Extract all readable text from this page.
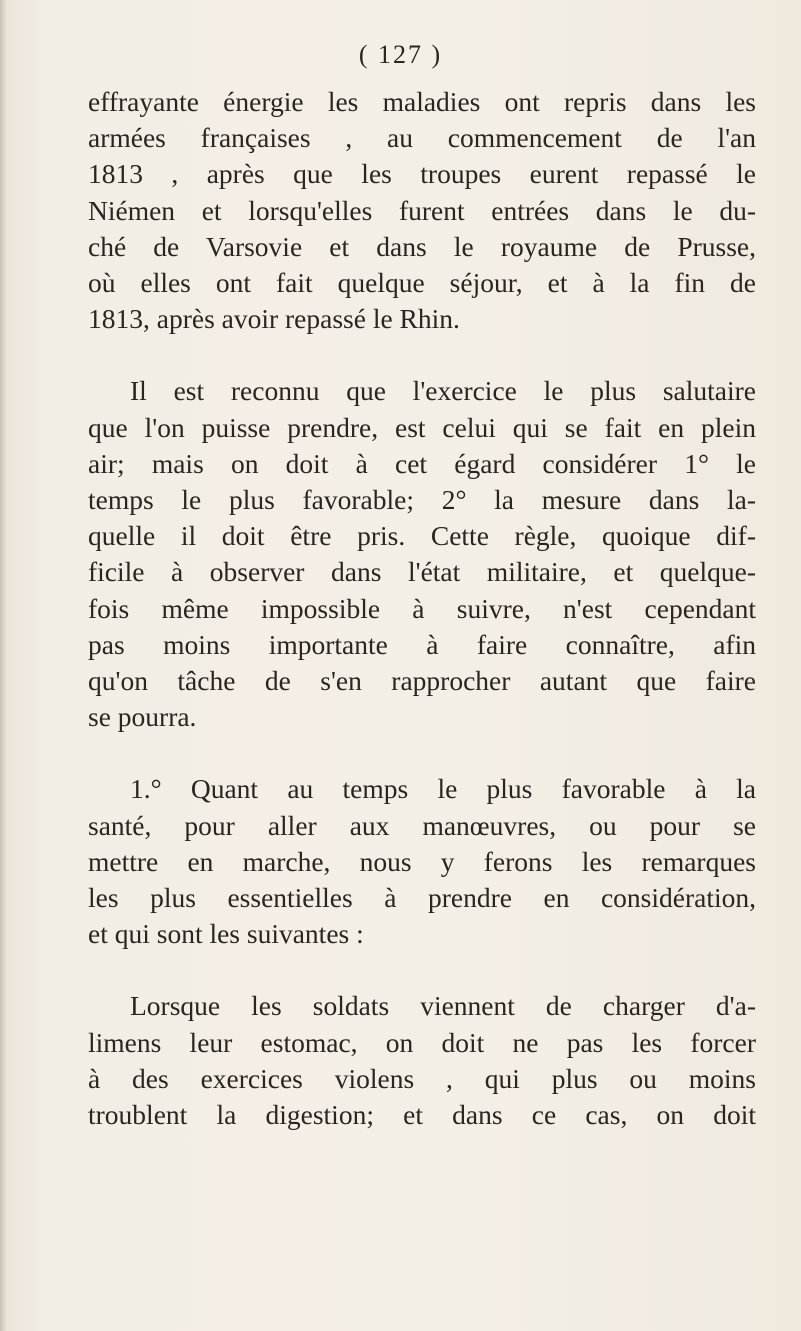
( 127 )
effrayante énergie les maladies ont repris dans les
armées françaises , au commencement de l'an
1813 , après que les troupes eurent repassé le
Niémen et lorsqu'elles furent entrées dans le du-
ché de Varsovie et dans le royaume de Prusse,
où elles ont fait quelque séjour, et à la fin de
1813, après avoir repassé le Rhin.
Il est reconnu que l'exercice le plus salutaire
que l'on puisse prendre, est celui qui se fait en plein
air; mais on doit à cet égard considérer 1° le
temps le plus favorable; 2° la mesure dans la-
quelle il doit être pris. Cette règle, quoique dif-
ficile à observer dans l'état militaire, et quelque-
fois même impossible à suivre, n'est cependant
pas moins importante à faire connaître, afin
qu'on tâche de s'en rapprocher autant que faire
se pourra.
1.° Quant au temps le plus favorable à la
santé, pour aller aux manœuvres, ou pour se
mettre en marche, nous y ferons les remarques
les plus essentielles à prendre en considération,
et qui sont les suivantes :
Lorsque les soldats viennent de charger d'a-
limens leur estomac, on doit ne pas les forcer
à des exercices violens , qui plus ou moins
troublent la digestion; et dans ce cas, on doit
